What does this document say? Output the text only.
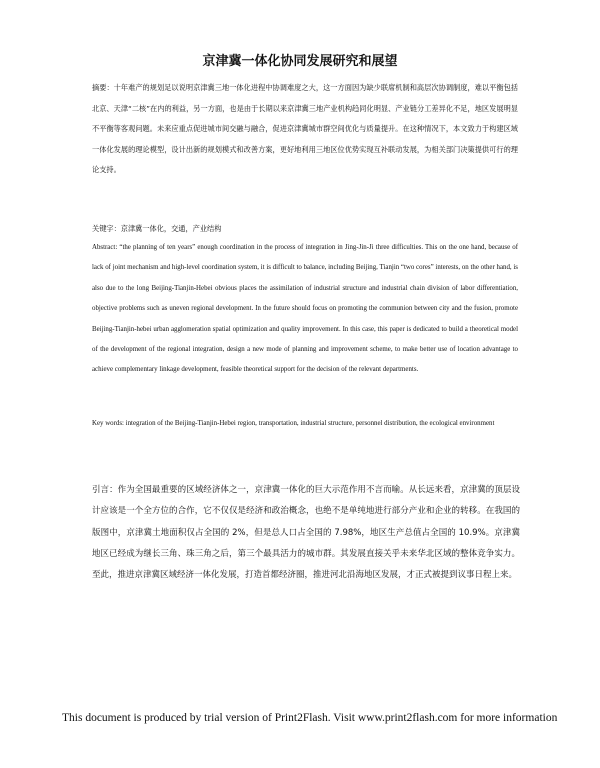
京津冀一体化协同发展研究和展望
摘要：十年难产的规划足以说明京津冀三地一体化进程中协调难度之大，这一方面因为缺少联席机制和高层次协调制度，难以平衡包括北京、天津“二核”在内的利益，另一方面，也是由于长期以来京津冀三地产业机构趋同化明显、产业链分工差异化不足，地区发展明显不平衡等客观问题。未来应重点促进城市间交融与融合，促进京津冀城市群空间优化与质量提升。在这种情况下，本文致力于构建区域一体化发展的理论模型，设计出新的规划模式和改善方案，更好地利用三地区位优势实现互补联动发展，为相关部门决策提供可行的理论支持。
关键字：京津冀一体化，交通，产业结构
Abstract: “the planning of ten years” enough coordination in the process of integration in Jing-Jin-Ji three difficulties. This on the one hand, because of lack of joint mechanism and high-level coordination system, it is difficult to balance, including Beijing, Tianjin “two cores” interests, on the other hand, is also due to the long Beijing-Tianjin-Hebei obvious places the assimilation of industrial structure and industrial chain division of labor differentiation, objective problems such as uneven regional development. In the future should focus on promoting the communion between city and the fusion, promote Beijing-Tianjin-hebei urban agglomeration spatial optimization and quality improvement. In this case, this paper is dedicated to build a theoretical model of the development of the regional integration, design a new mode of planning and improvement scheme, to make better use of location advantage to achieve complementary linkage development, feasible theoretical support for the decision of the relevant departments.
Key words: integration of the Beijing-Tianjin-Hebei region, transportation, industrial structure, personnel distribution, the ecological environment
引言：作为全国最重要的区域经济体之一，京津冀一体化的巨大示范作用不言而喻。从长远来看，京津冀的顶层设计应该是一个全方位的合作，它不仅仅是经济和政治概念，也绝不是单纯地进行部分产业和企业的转移。在我国的版图中，京津冀土地面积仅占全国的 2%，但是总人口占全国的 7.98%，地区生产总值占全国的 10.9%。京津冀地区已经成为继长三角、珠三角之后，第三个最具活力的城市群。其发展直接关乎未来华北区域的整体竞争实力。至此，推进京津冀区域经济一体化发展，打造首都经济圈，推进河北沿海地区发展，才正式被提到议事日程上来。
This document is produced by trial version of Print2Flash. Visit www.print2flash.com for more information
